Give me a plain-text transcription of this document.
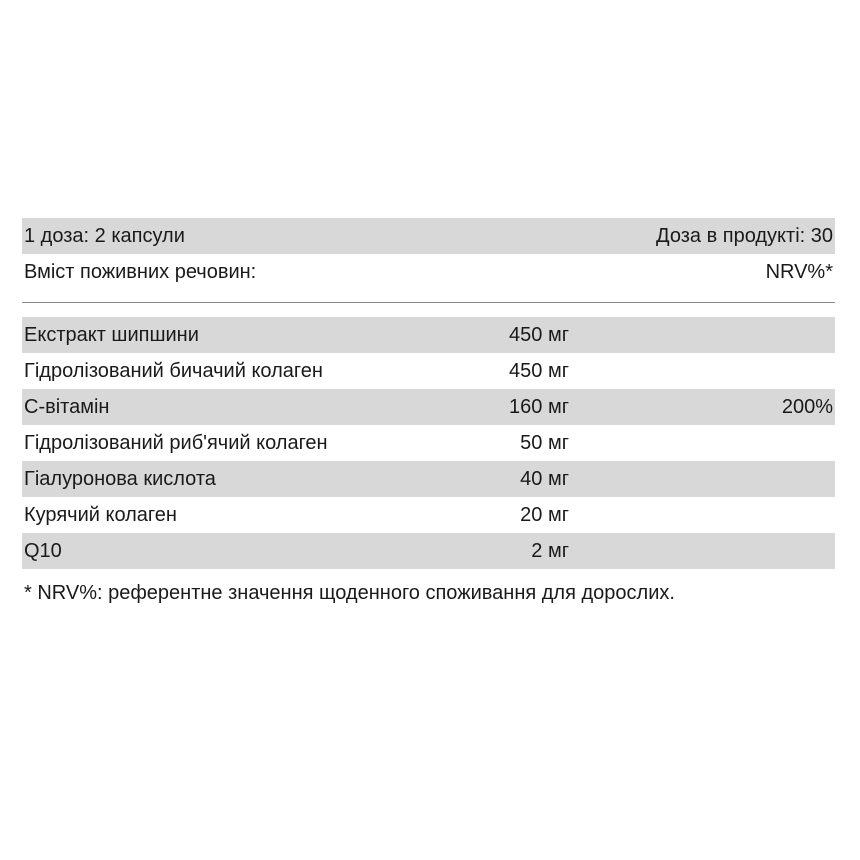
1 доза: 2 капсули	Доза в продукті: 30
Вміст поживних речовин:	NRV%*
Екстракт шипшини	450 мг
Гідролізований бичачий колаген	450 мг
C-вітамін	160 мг	200%
Гідролізований риб'ячий колаген	50 мг
Гіалуронова кислота	40 мг
Курячий колаген	20 мг
Q10	2 мг
* NRV%: референтне значення щоденного споживання для дорослих.
